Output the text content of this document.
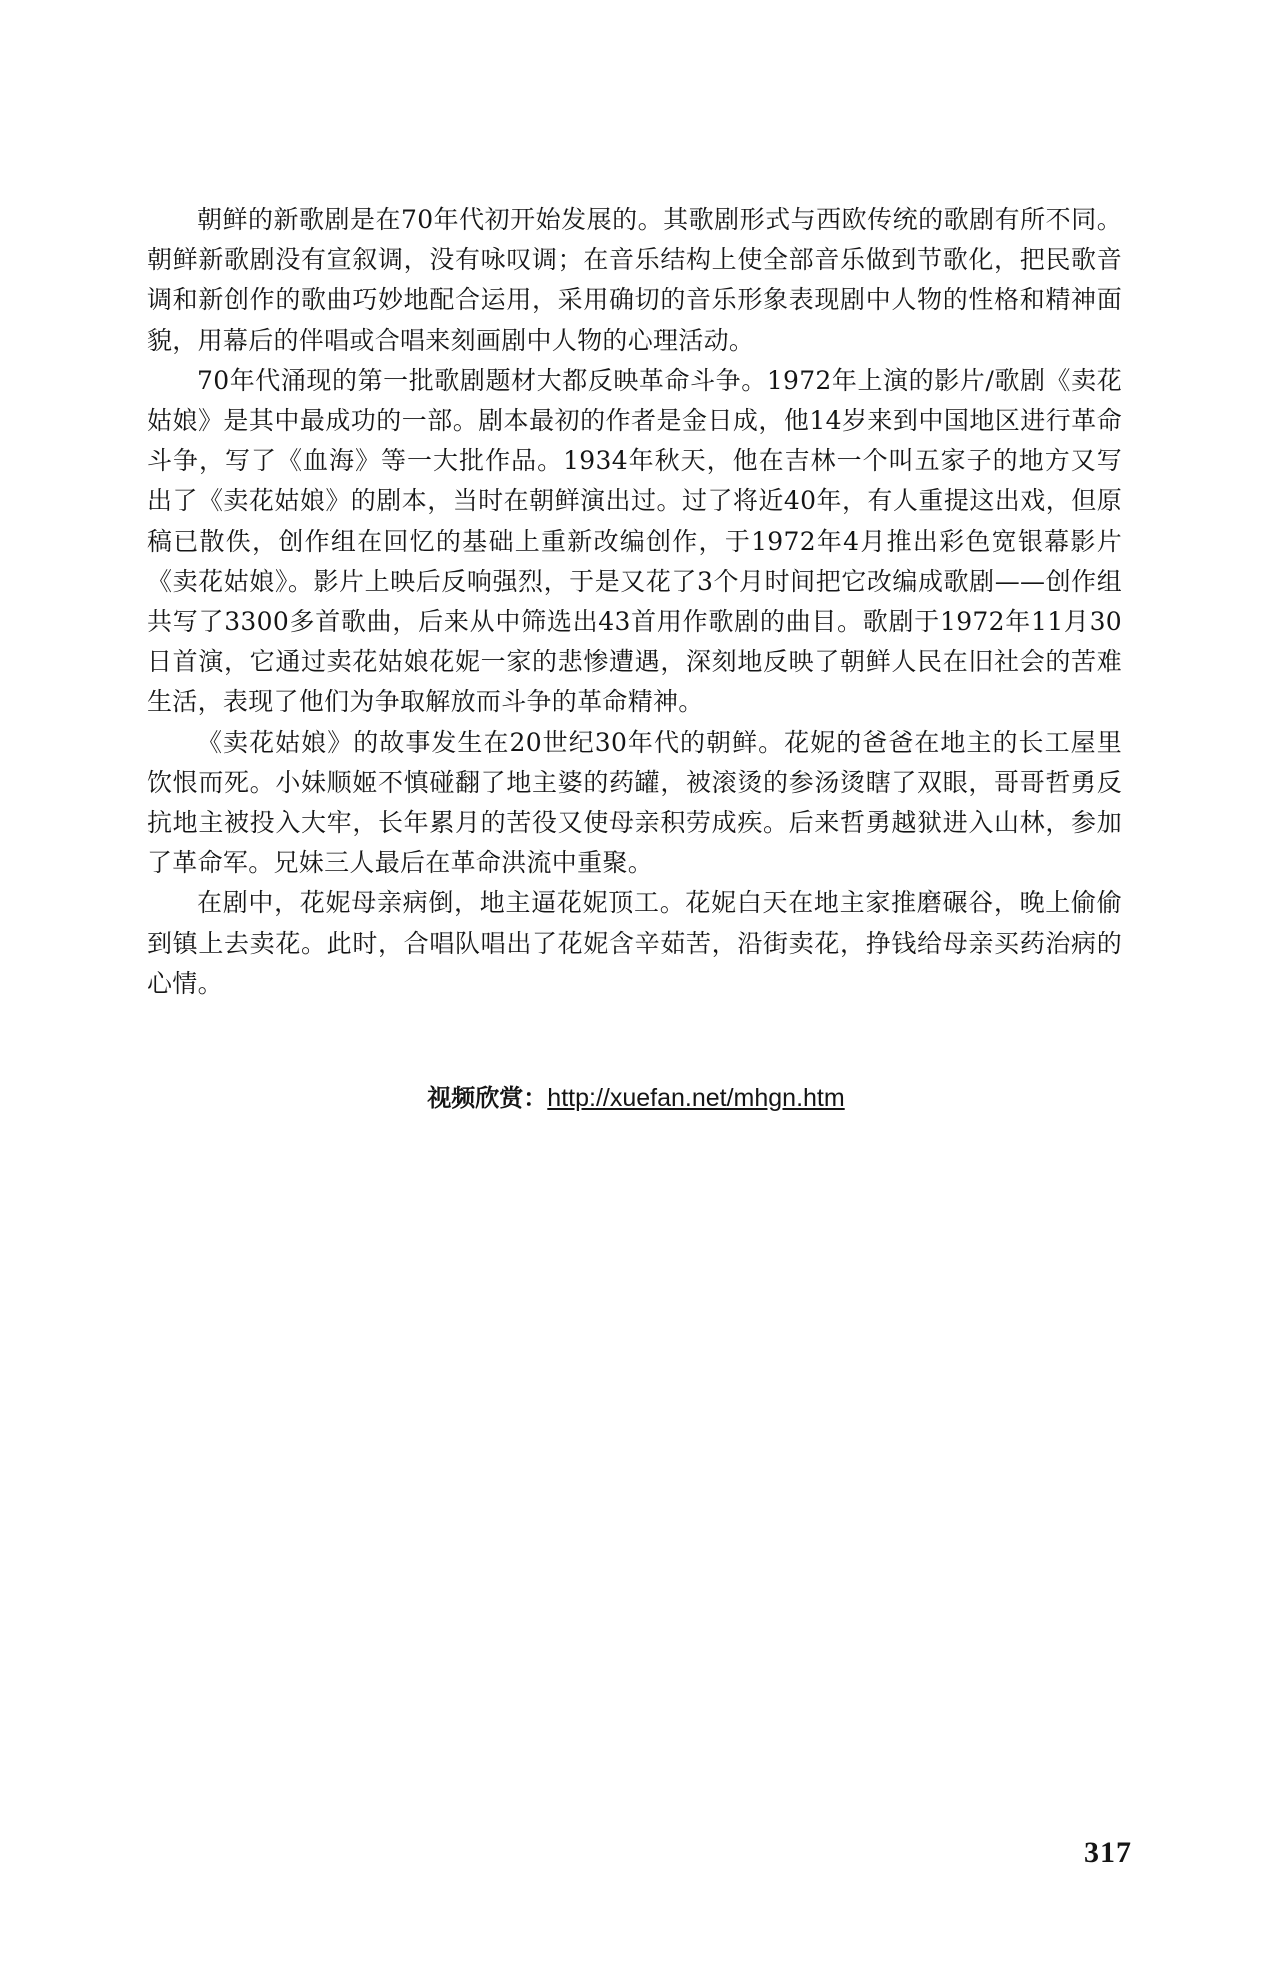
朝鲜的新歌剧是在70年代初开始发展的。其歌剧形式与西欧传统的歌剧有所不同。朝鲜新歌剧没有宣叙调，没有咏叹调；在音乐结构上使全部音乐做到节歌化，把民歌音调和新创作的歌曲巧妙地配合运用，采用确切的音乐形象表现剧中人物的性格和精神面貌，用幕后的伴唱或合唱来刻画剧中人物的心理活动。

70年代涌现的第一批歌剧题材大都反映革命斗争。1972年上演的影片/歌剧《卖花姑娘》是其中最成功的一部。剧本最初的作者是金日成，他14岁来到中国地区进行革命斗争，写了《血海》等一大批作品。1934年秋天，他在吉林一个叫五家子的地方又写出了《卖花姑娘》的剧本，当时在朝鲜演出过。过了将近40年，有人重提这出戏，但原稿已散佚，创作组在回忆的基础上重新改编创作，于1972年4月推出彩色宽银幕影片《卖花姑娘》。影片上映后反响强烈，于是又花了3个月时间把它改编成歌剧——创作组共写了3300多首歌曲，后来从中筛选出43首用作歌剧的曲目。歌剧于1972年11月30日首演，它通过卖花姑娘花妮一家的悲惨遭遇，深刻地反映了朝鲜人民在旧社会的苦难生活，表现了他们为争取解放而斗争的革命精神。

《卖花姑娘》的故事发生在20世纪30年代的朝鲜。花妮的爸爸在地主的长工屋里饮恨而死。小妹顺姬不慎碰翻了地主婆的药罐，被滚烫的参汤烫瞎了双眼，哥哥哲勇反抗地主被投入大牢，长年累月的苦役又使母亲积劳成疾。后来哲勇越狱进入山林，参加了革命军。兄妹三人最后在革命洪流中重聚。

在剧中，花妮母亲病倒，地主逼花妮顶工。花妮白天在地主家推磨碾谷，晚上偷偷到镇上去卖花。此时，合唱队唱出了花妮含辛茹苦，沿街卖花，挣钱给母亲买药治病的心情。

视频欣赏：http://xuefan.net/mhgn.htm
317
